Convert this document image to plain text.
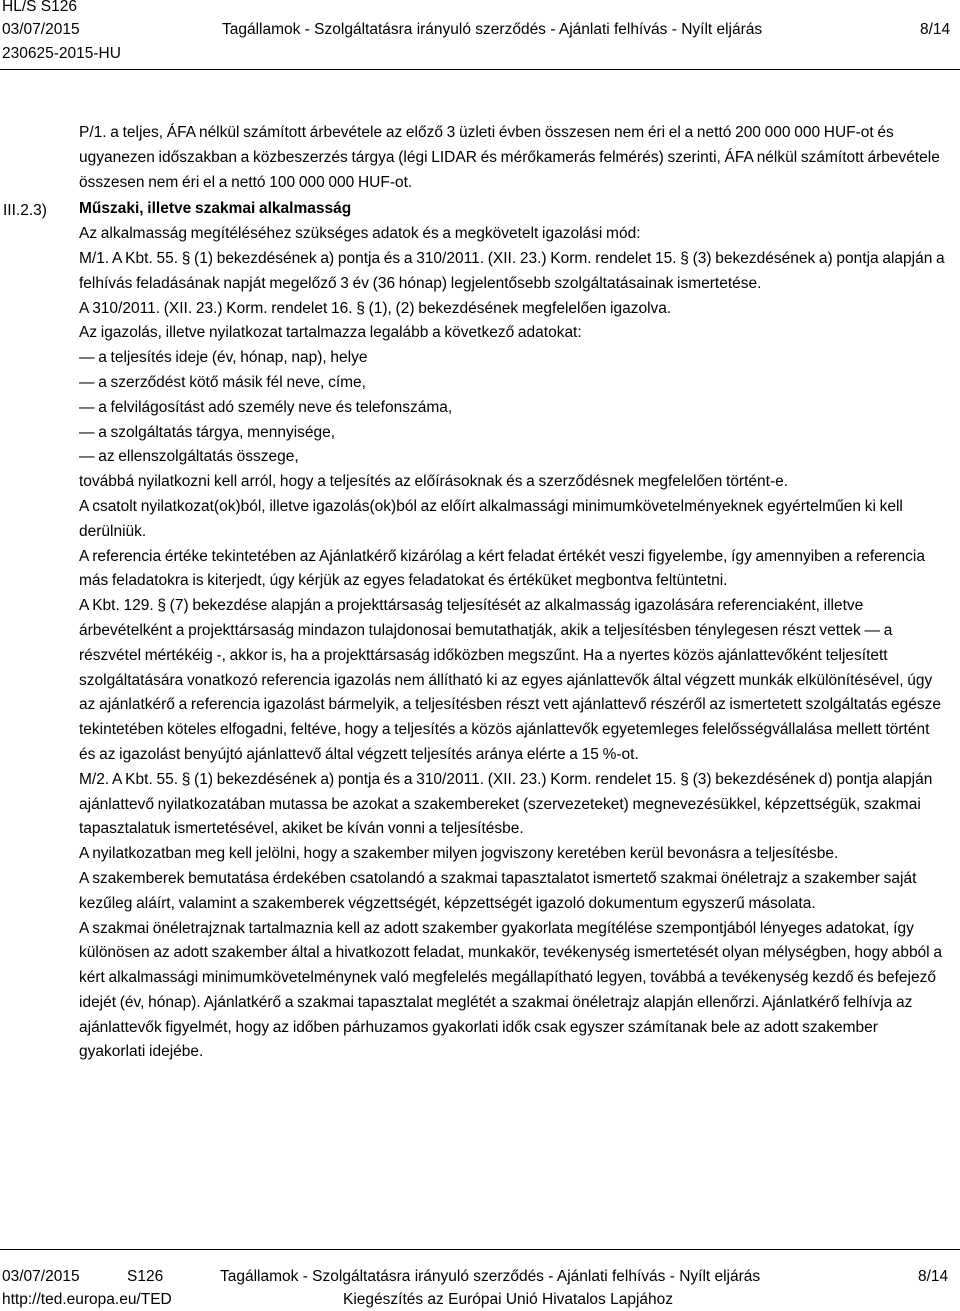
HL/S S126
03/07/2015	Tagállamok - Szolgáltatásra irányuló szerződés - Ajánlati felhívás - Nyílt eljárás	8/14
230625-2015-HU
III.2.3)

P/1. a teljes, ÁFA nélkül számított árbevétele az előző 3 üzleti évben összesen nem éri el a nettó 200 000 000 HUF-ot és ugyanezen időszakban a közbeszerzés tárgya (légi LIDAR és mérőkamerás felmérés) szerinti, ÁFA nélkül számított árbevétele összesen nem éri el a nettó 100 000 000 HUF-ot.

Műszaki, illetve szakmai alkalmasság

Az alkalmasság megítéléséhez szükséges adatok és a megkövetelt igazolási mód:

M/1. A Kbt. 55. § (1) bekezdésének a) pontja és a 310/2011. (XII. 23.) Korm. rendelet 15. § (3) bekezdésének a) pontja alapján a felhívás feladásának napját megelőző 3 év (36 hónap) legjelentősebb szolgáltatásainak ismertetése.

A 310/2011. (XII. 23.) Korm. rendelet 16. § (1), (2) bekezdésének megfelelően igazolva.

Az igazolás, illetve nyilatkozat tartalmazza legalább a következő adatokat:

— a teljesítés ideje (év, hónap, nap), helye

— a szerződést kötő másik fél neve, címe,

— a felvilágosítást adó személy neve és telefonszáma,

— a szolgáltatás tárgya, mennyisége,

— az ellenszolgáltatás összege,

továbbá nyilatkozni kell arról, hogy a teljesítés az előírásoknak és a szerződésnek megfelelően történt-e.

A csatolt nyilatkozat(ok)ból, illetve igazolás(ok)ból az előírt alkalmassági minimumkövetelményeknek egyértelműen ki kell derülniük.

A referencia értéke tekintetében az Ajánlatkérő kizárólag a kért feladat értékét veszi figyelembe, így amennyiben a referencia más feladatokra is kiterjedt, úgy kérjük az egyes feladatokat és értéküket megbontva feltüntetni.

A Kbt. 129. § (7) bekezdése alapján a projekttársaság teljesítését az alkalmasság igazolására referenciaként, illetve árbevételként a projekttársaság mindazon tulajdonosai bemutathatják, akik a teljesítésben ténylegesen részt vettek — a részvétel mértékéig -, akkor is, ha a projekttársaság időközben megszűnt. Ha a nyertes közös ajánlattevőként teljesített szolgáltatására vonatkozó referencia igazolás nem állítható ki az egyes ajánlattevők által végzett munkák elkülönítésével, úgy az ajánlatkérő a referencia igazolást bármelyik, a teljesítésben részt vett ajánlattevő részéről az ismertetett szolgáltatás egésze tekintetében köteles elfogadni, feltéve, hogy a teljesítés a közös ajánlattevők egyetemleges felelősségvállalása mellett történt és az igazolást benyújtó ajánlattevő által végzett teljesítés aránya elérte a 15 %-ot.

M/2. A Kbt. 55. § (1) bekezdésének a) pontja és a 310/2011. (XII. 23.) Korm. rendelet 15. § (3) bekezdésének d) pontja alapján ajánlattevő nyilatkozatában mutassa be azokat a szakembereket (szervezeteket) megnevezésükkel, képzettségük, szakmai tapasztalatuk ismertetésével, akiket be kíván vonni a teljesítésbe.

A nyilatkozatban meg kell jelölni, hogy a szakember milyen jogviszony keretében kerül bevonásra a teljesítésbe.

A szakemberek bemutatása érdekében csatolandó a szakmai tapasztalatot ismertető szakmai önéletrajz a szakember saját kezűleg aláírt, valamint a szakemberek végzettségét, képzettségét igazoló dokumentum egyszerű másolata.

A szakmai önéletrajznak tartalmaznia kell az adott szakember gyakorlata megítélése szempontjából lényeges adatokat, így különösen az adott szakember által a hivatkozott feladat, munkakör, tevékenység ismertetését olyan mélységben, hogy abból a kért alkalmassági minimumkövetelménynek való megfelelés megállapítható legyen, továbbá a tevékenység kezdő és befejező idejét (év, hónap). Ajánlatkérő a szakmai tapasztalat meglétét a szakmai önéletrajz alapján ellenőrzi. Ajánlatkérő felhívja az ajánlattevők figyelmét, hogy az időben párhuzamos gyakorlati idők csak egyszer számítanak bele az adott szakember gyakorlati idejébe.

03/07/2015	S126	Tagállamok - Szolgáltatásra irányuló szerződés - Ajánlati felhívás - Nyílt eljárás	8/14
http://ted.europa.eu/TED	Kiegészítés az Európai Unió Hivatalos Lapjához
